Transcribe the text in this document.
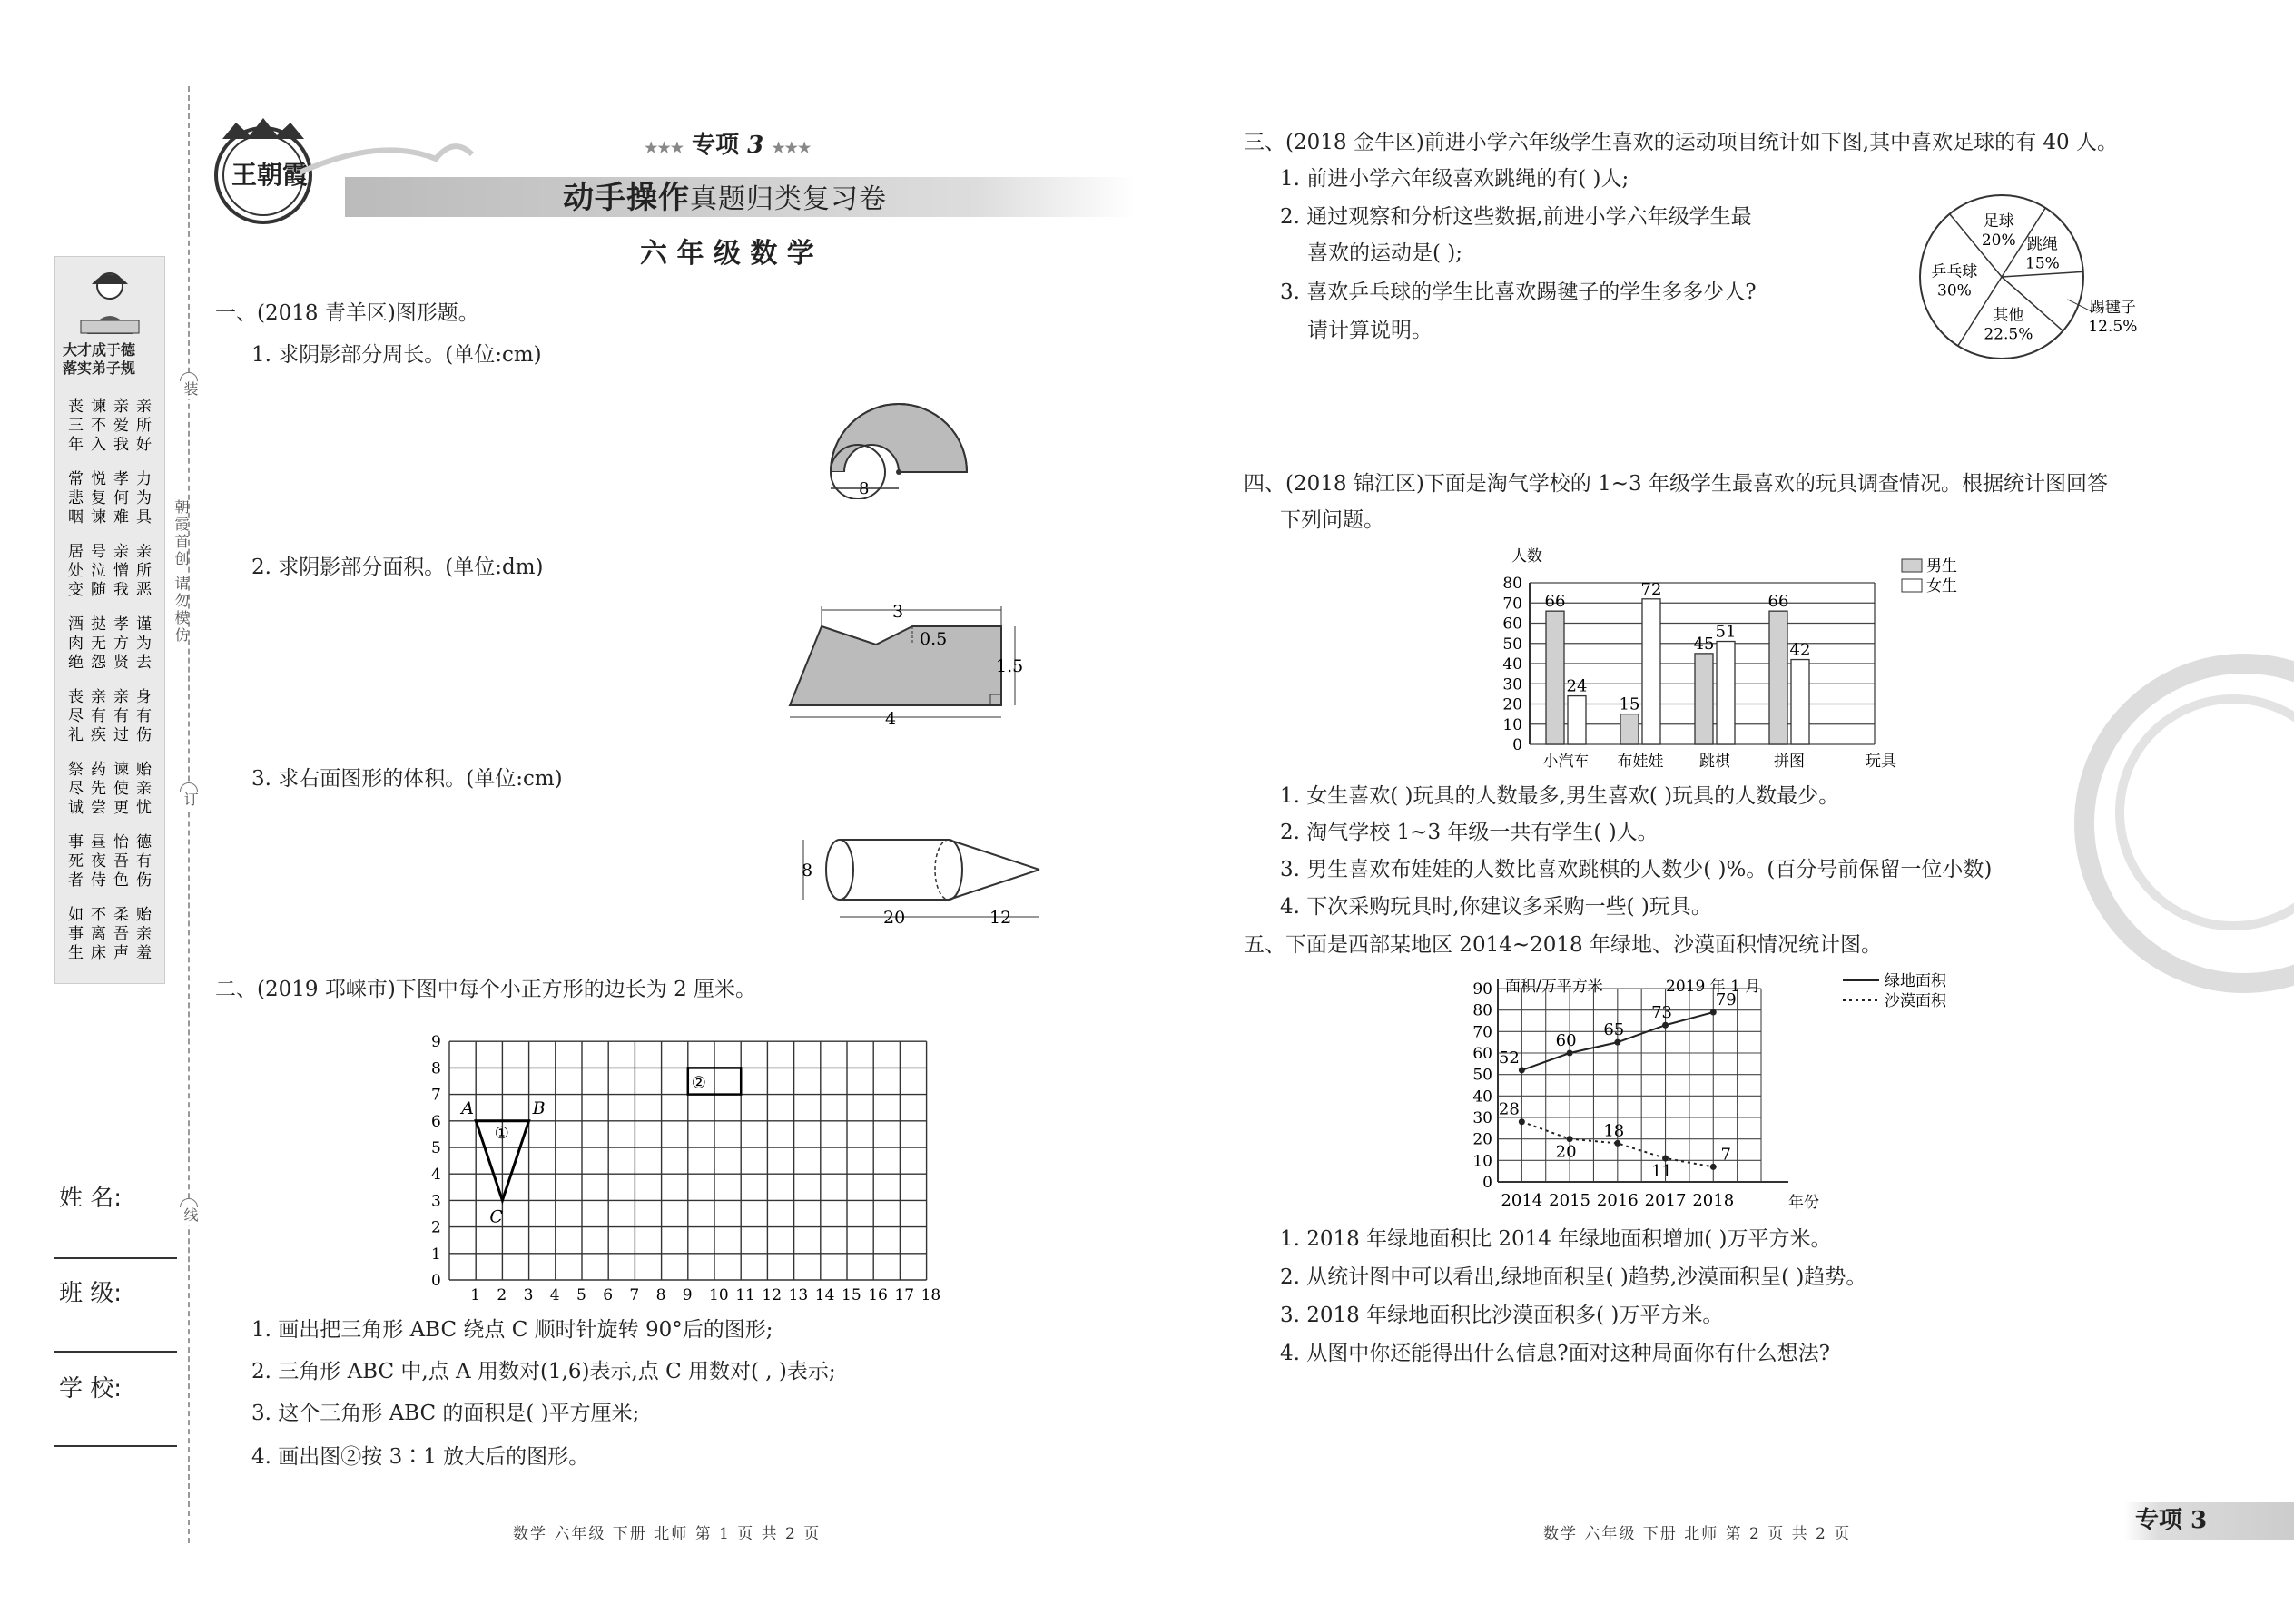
装
订
线
朝霞首创 请勿模仿
大才成于德
落实弟子规
丧
三
年
谏
不
入
亲
爱
我
亲
所
好
常
悲
咽
悦
复
谏
孝
何
难
力
为
具
居
处
变
号
泣
随
亲
憎
我
亲
所
恶
酒
肉
绝
挞
无
怨
孝
方
贤
谨
为
去
丧
尽
礼
亲
有
疾
亲
有
过
身
有
伤
祭
尽
诚
药
先
尝
谏
使
更
贻
亲
忧
事
死
者
昼
夜
侍
怡
吾
色
德
有
伤
如
事
生
不
离
床
柔
吾
声
贻
亲
羞
姓 名:
班 级:
学 校:
王朝霞
★★★ 专项 3 ★★★
动手操作真题归类复习卷
六 年 级 数 学
一、(2018 青羊区)图形题。
1. 求阴影部分周长。(单位:cm)
8
2. 求阴影部分面积。(单位:dm)
3
0.5
1.5
4
3. 求右面图形的体积。(单位:cm)
8
20	12
二、(2019 邛崃市)下图中每个小正方形的边长为 2 厘米。
9
8
7
6
5
4
3
2
1
0
1 2 3 4 5 6 7 8 9 10 11 12 13 14 15 16 17 18
A	B
C
①
②
1. 画出把三角形 ABC 绕点 C 顺时针旋转 90°后的图形;
2. 三角形 ABC 中,点 A 用数对(1,6)表示,点 C 用数对( , )表示;
3. 这个三角形 ABC 的面积是( )平方厘米;
4. 画出图②按 3∶1 放大后的图形。
数学 六年级 下册 北师 第 1 页 共 2 页
三、(2018 金牛区)前进小学六年级学生喜欢的运动项目统计如下图,其中喜欢足球的有 40 人。
1. 前进小学六年级喜欢跳绳的有( )人;
2. 通过观察和分析这些数据,前进小学六年级学生最
喜欢的运动是( );
3. 喜欢乒乓球的学生比喜欢踢毽子的学生多多少人?
请计算说明。
足球
20% 跳绳
15%
踢毽子
12.5%
其他
22.5%
乒乓球
30%
四、(2018 锦江区)下面是淘气学校的 1~3 年级学生最喜欢的玩具调查情况。根据统计图回答
下列问题。
0
10
20
30
40
50
60
70
80
人数
66
24
小汽车
15
72
布娃娃
45
51
跳棋
66
42
拼图	玩具
男生
女生
1. 女生喜欢( )玩具的人数最多,男生喜欢( )玩具的人数最少。
2. 淘气学校 1~3 年级一共有学生( )人。
3. 男生喜欢布娃娃的人数比喜欢跳棋的人数少( )%。(百分号前保留一位小数)
4. 下次采购玩具时,你建议多采购一些( )玩具。
五、下面是西部某地区 2014~2018 年绿地、沙漠面积情况统计图。
0
10
20
30
40
50
60
70
80
90 面积/万平方米	2019 年 1 月
年份
2014 2015 2016 2017 2018
52
60
65
73
79
绿地面积
28
20
18
11
7
沙漠面积
1. 2018 年绿地面积比 2014 年绿地面积增加( )万平方米。
2. 从统计图中可以看出,绿地面积呈( )趋势,沙漠面积呈( )趋势。
3. 2018 年绿地面积比沙漠面积多( )万平方米。
4. 从图中你还能得出什么信息?面对这种局面你有什么想法?
数学 六年级 下册 北师 第 2 页 共 2 页	专项 3
